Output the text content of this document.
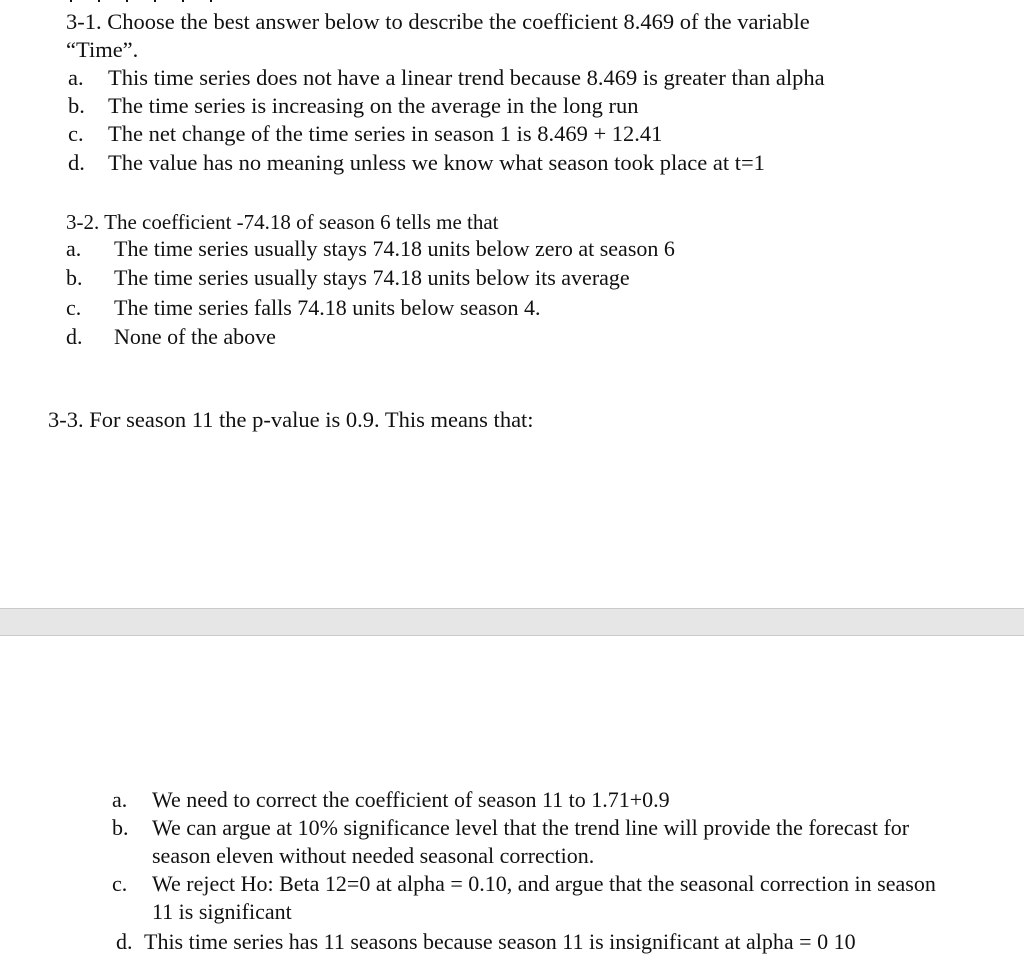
3-1. Choose the best answer below to describe the coefficient 8.469 of the variable
“Time”.
a.	This time series does not have a linear trend because 8.469 is greater than alpha
b.	The time series is increasing on the average in the long run
c.	The net change of the time series in season 1 is 8.469 + 12.41
d.	The value has no meaning unless we know what season took place at t=1
3-2. The coefficient -74.18 of season 6 tells me that
a.	The time series usually stays 74.18 units below zero at season 6
b.	The time series usually stays 74.18 units below its average
c.	The time series falls 74.18 units below season 4.
d.	None of the above
3-3. For season 11 the p-value is 0.9. This means that:
a.	We need to correct the coefficient of season 11 to 1.71+0.9
b.	We can argue at 10% significance level that the trend line will provide the forecast for season eleven without needed seasonal correction.
c.	We reject Ho: Beta 12=0 at alpha = 0.10, and argue that the seasonal correction in season 11 is significant
d. This time series has 11 seasons because season 11 is insignificant at alpha = 0 10
